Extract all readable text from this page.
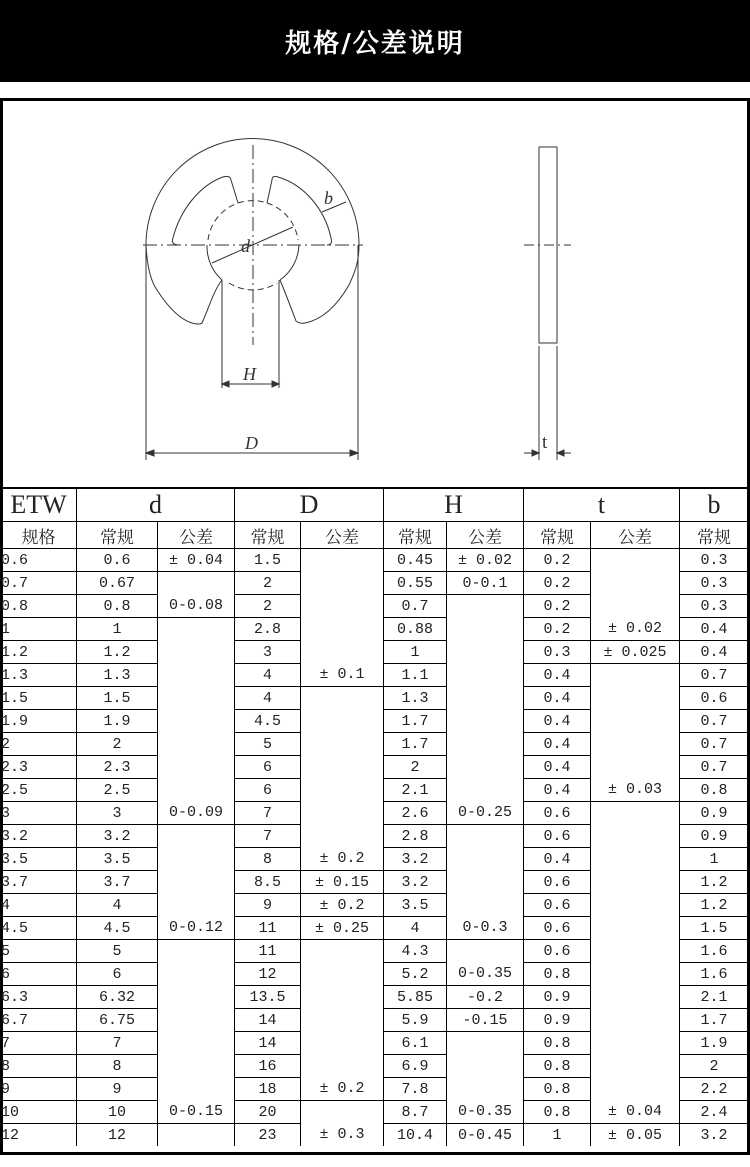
规格/公差说明
d
b
H
D	t
ETW	d		D		H		t		b
规格	常规	公差	常规	公差	常规	公差	常规	公差	常规
0.6	0.6	± 0.04	1.5		0.45	± 0.02	0.2		0.3
0.7	0.67		2		0.55	0-0.1	0.2		0.3
0.8	0.8	0-0.08	2		0.7		0.2		0.3
1	1		2.8		0.88		0.2	± 0.02	0.4
1.2	1.2		3		1		0.3	± 0.025	0.4
1.3	1.3		4	± 0.1	1.1		0.4		0.7
1.5	1.5		4		1.3		0.4		0.6
1.9	1.9		4.5		1.7		0.4		0.7
2	2		5		1.7		0.4		0.7
2.3	2.3		6		2		0.4		0.7
2.5	2.5		6		2.1		0.4	± 0.03	0.8
3	3	0-0.09	7		2.6	0-0.25	0.6		0.9
3.2	3.2		7		2.8		0.6		0.9
3.5	3.5		8	± 0.2	3.2		0.4		1
3.7	3.7		8.5	± 0.15	3.2		0.6		1.2
4	4		9	± 0.2	3.5		0.6		1.2
4.5	4.5	0-0.12	11	± 0.25	4	0-0.3	0.6		1.5
5	5		11		4.3		0.6		1.6
6	6		12		5.2	0-0.35	0.8		1.6
6.3	6.32		13.5		5.85	-0.2	0.9		2.1
6.7	6.75		14		5.9	-0.15	0.9		1.7
7	7		14		6.1		0.8		1.9
8	8		16		6.9		0.8		2
9	9		18	± 0.2	7.8		0.8		2.2
10	10	0-0.15	20		8.7	0-0.35	0.8	± 0.04	2.4
12	12		23	± 0.3	10.4	0-0.45	1	± 0.05	3.2
